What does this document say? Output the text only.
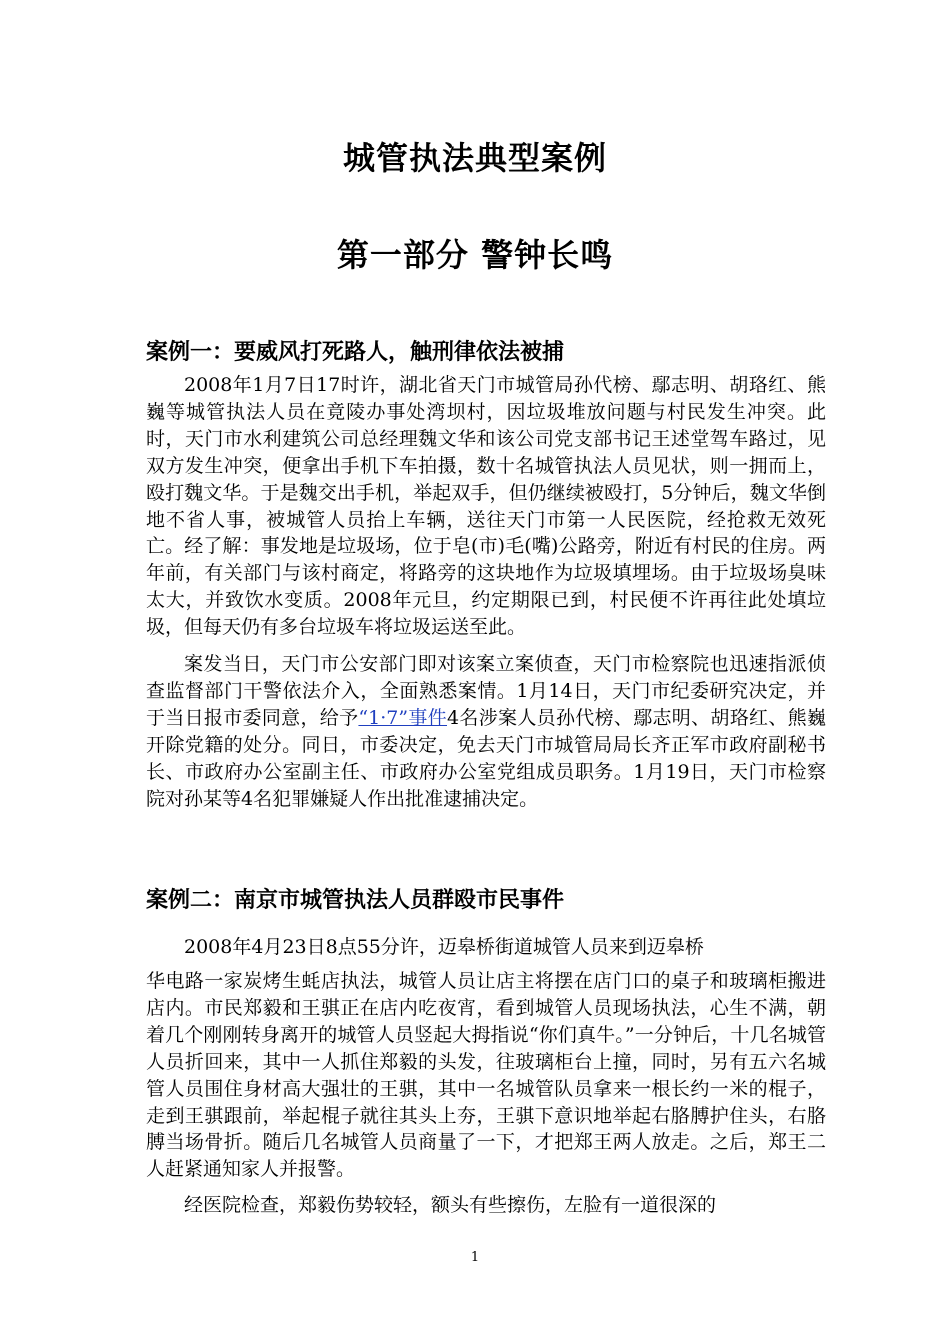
城管执法典型案例
第一部分 警钟长鸣
案例一：要威风打死路人，触刑律依法被捕

2008年1月7日17时许，湖北省天门市城管局孙代榜、鄢志明、胡珞红、熊巍等城管执法人员在竟陵办事处湾坝村，因垃圾堆放问题与村民发生冲突。此时，天门市水利建筑公司总经理魏文华和该公司党支部书记王述堂驾车路过，见双方发生冲突，便拿出手机下车拍摄，数十名城管执法人员见状，则一拥而上，殴打魏文华。于是魏交出手机，举起双手，但仍继续被殴打，5分钟后，魏文华倒地不省人事，被城管人员抬上车辆，送往天门市第一人民医院，经抢救无效死亡。经了解：事发地是垃圾场，位于皂(市)毛(嘴)公路旁，附近有村民的住房。两年前，有关部门与该村商定，将路旁的这块地作为垃圾填埋场。由于垃圾场臭味太大，并致饮水变质。2008年元旦，约定期限已到，村民便不许再往此处填垃圾，但每天仍有多台垃圾车将垃圾运送至此。

案发当日，天门市公安部门即对该案立案侦查，天门市检察院也迅速指派侦查监督部门干警依法介入，全面熟悉案情。1月14日，天门市纪委研究决定，并于当日报市委同意，给予“1·7”事件4名涉案人员孙代榜、鄢志明、胡珞红、熊巍开除党籍的处分。同日，市委决定，免去天门市城管局局长齐正军市政府副秘书长、市政府办公室副主任、市政府办公室党组成员职务。1月19日，天门市检察院对孙某等4名犯罪嫌疑人作出批准逮捕决定。

案例二：南京市城管执法人员群殴市民事件

2008年4月23日8点55分许，迈皋桥街道城管人员来到迈皋桥

华电路一家炭烤生蚝店执法，城管人员让店主将摆在店门口的桌子和玻璃柜搬进店内。市民郑毅和王骐正在店内吃夜宵，看到城管人员现场执法，心生不满，朝着几个刚刚转身离开的城管人员竖起大拇指说“你们真牛。”一分钟后，十几名城管人员折回来，其中一人抓住郑毅的头发，往玻璃柜台上撞，同时，另有五六名城管人员围住身材高大强壮的王骐，其中一名城管队员拿来一根长约一米的棍子，走到王骐跟前，举起棍子就往其头上夯，王骐下意识地举起右胳膊护住头，右胳膊当场骨折。随后几名城管人员商量了一下，才把郑王两人放走。之后，郑王二人赶紧通知家人并报警。

经医院检查，郑毅伤势较轻，额头有些擦伤，左脸有一道很深的

1
